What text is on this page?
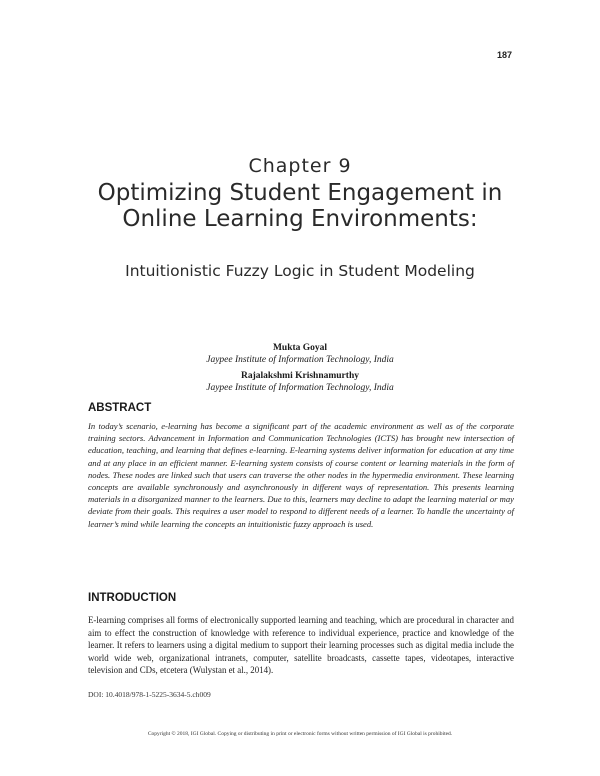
187
Chapter 9
Optimizing Student Engagement in Online Learning Environments:
Intuitionistic Fuzzy Logic in Student Modeling
Mukta Goyal
Jaypee Institute of Information Technology, India
Rajalakshmi Krishnamurthy
Jaypee Institute of Information Technology, India
ABSTRACT

In today’s scenario, e-learning has become a significant part of the academic environment as well as of the corporate training sectors. Advancement in Information and Communication Technologies (ICTS) has brought new intersection of education, teaching, and learning that defines e-learning. E-learning systems deliver information for education at any time and at any place in an efficient manner. E-learning system consists of course content or learning materials in the form of nodes. These nodes are linked such that users can traverse the other nodes in the hypermedia environment. These learning concepts are available synchronously and asynchronously in different ways of representation. This presents learning materials in a disorganized manner to the learners. Due to this, learners may decline to adapt the learning material or may deviate from their goals. This requires a user model to respond to different needs of a learner. To handle the uncertainty of learner’s mind while learning the concepts an intuitionistic fuzzy approach is used.

INTRODUCTION

E-learning comprises all forms of electronically supported learning and teaching, which are procedural in character and aim to effect the construction of knowledge with reference to individual experience, practice and knowledge of the learner. It refers to learners using a digital medium to support their learning processes such as digital media include the world wide web, organizational intranets, computer, satellite broadcasts, cassette tapes, videotapes, interactive television and CDs, etcetera (Wulystan et al., 2014).

DOI: 10.4018/978-1-5225-3634-5.ch009
Copyright © 2018, IGI Global. Copying or distributing in print or electronic forms without written permission of IGI Global is prohibited.
